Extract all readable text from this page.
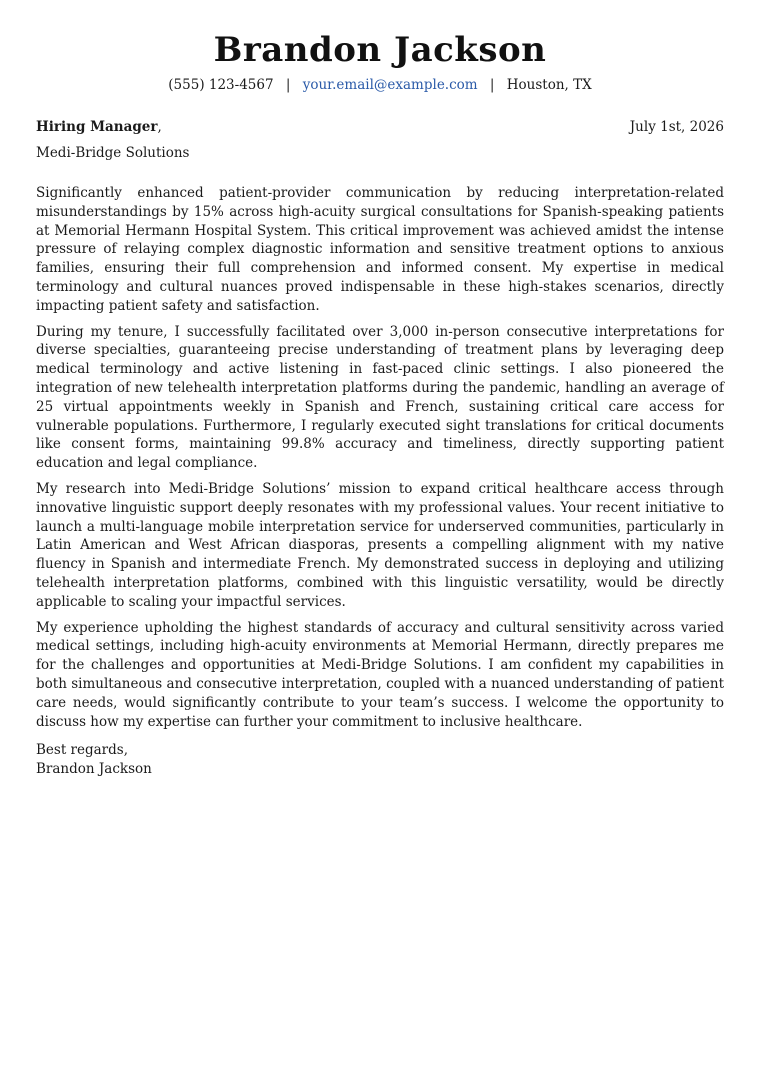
Brandon Jackson
(555) 123-4567 | your.email@example.com | Houston, TX
Hiring Manager,	July 1st, 2026
Medi-Bridge Solutions

Significantly enhanced patient-provider communication by reducing interpretation-related misunderstandings by 15% across high-acuity surgical consultations for Spanish-speaking patients at Memorial Hermann Hospital System. This critical improvement was achieved amidst the intense pressure of relaying complex diagnostic information and sensitive treatment options to anxious families, ensuring their full comprehension and informed consent. My expertise in medical terminology and cultural nuances proved indispensable in these high-stakes scenarios, directly impacting patient safety and satisfaction.

During my tenure, I successfully facilitated over 3,000 in-person consecutive interpretations for diverse specialties, guaranteeing precise understanding of treatment plans by leveraging deep medical terminology and active listening in fast-paced clinic settings. I also pioneered the integration of new telehealth interpretation platforms during the pandemic, handling an average of 25 virtual appointments weekly in Spanish and French, sustaining critical care access for vulnerable populations. Furthermore, I regularly executed sight translations for critical documents like consent forms, maintaining 99.8% accuracy and timeliness, directly supporting patient education and legal compliance.

My research into Medi-Bridge Solutions’ mission to expand critical healthcare access through innovative linguistic support deeply resonates with my professional values. Your recent initiative to launch a multi-language mobile interpretation service for underserved communities, particularly in Latin American and West African diasporas, presents a compelling alignment with my native fluency in Spanish and intermediate French. My demonstrated success in deploying and utilizing telehealth interpretation platforms, combined with this linguistic versatility, would be directly applicable to scaling your impactful services.

My experience upholding the highest standards of accuracy and cultural sensitivity across varied medical settings, including high-acuity environments at Memorial Hermann, directly prepares me for the challenges and opportunities at Medi-Bridge Solutions. I am confident my capabilities in both simultaneous and consecutive interpretation, coupled with a nuanced understanding of patient care needs, would significantly contribute to your team’s success. I welcome the opportunity to discuss how my expertise can further your commitment to inclusive healthcare.

Best regards,
Brandon Jackson
